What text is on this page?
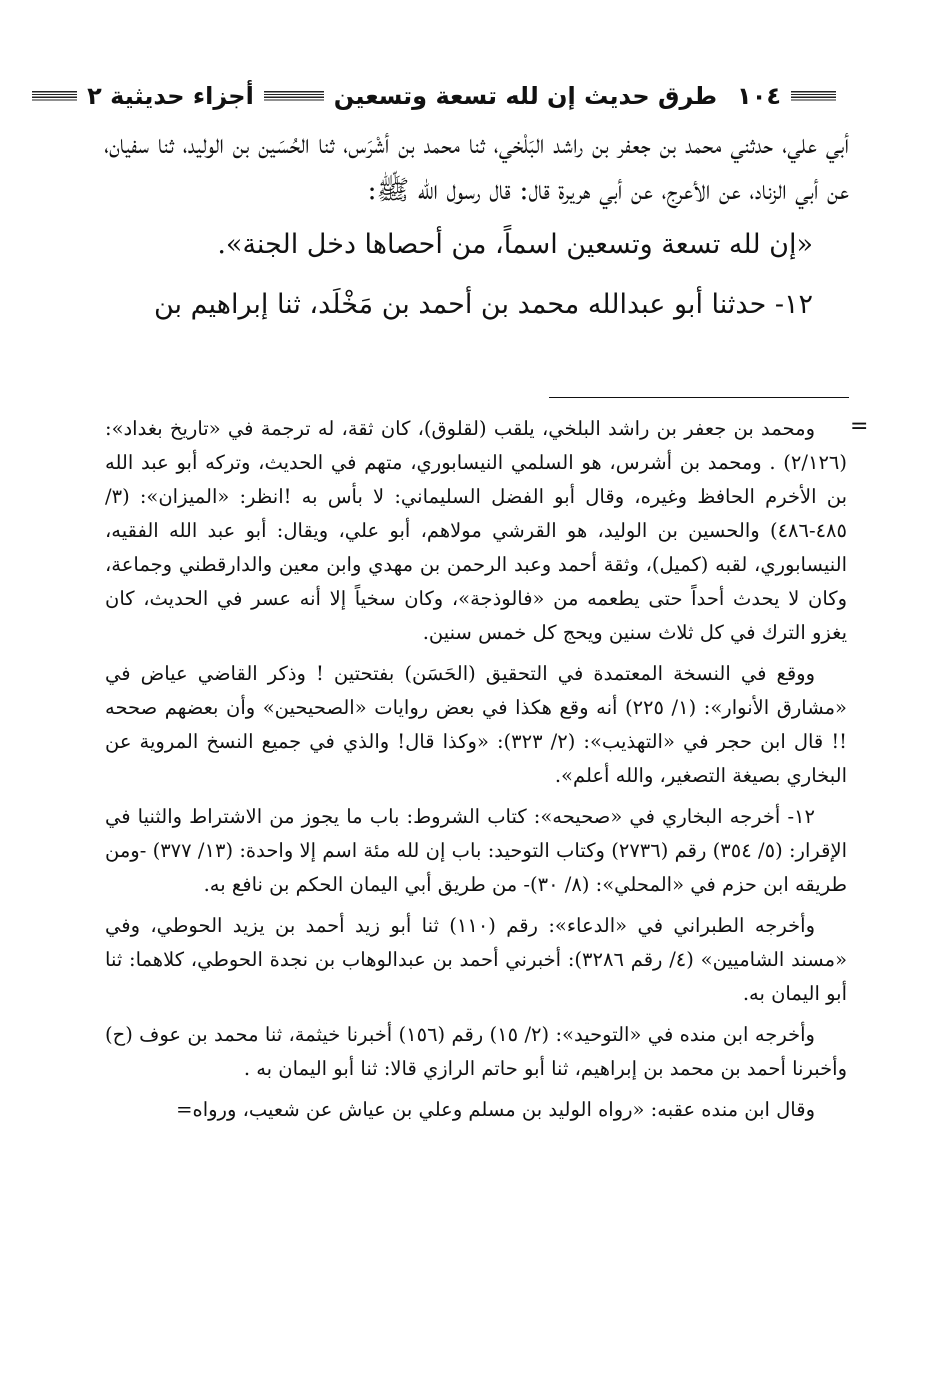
١٠٤
طرق حديث إن لله تسعة وتسعين
أجزاء حديثية ٢

أبي علي، حدثني محمد بن جعفر بن راشد البَلْخي، ثنا محمد بن أشْرَس، ثنا الحُسَين بن الوليد، ثنا سفيان، عن أبي الزناد، عن الأعرج، عن أبي هريرة قال: قال رسول الله ﷺ:

«إن لله تسعة وتسعين اسماً، من أحصاها دخل الجنة».

١٢- حدثنا أبو عبدالله محمد بن أحمد بن مَخْلَد، ثنا إبراهيم بن

=

ومحمد بن جعفر بن راشد البلخي، يلقب (لقلوق)، كان ثقة، له ترجمة في «تاريخ بغداد»: (٢/١٢٦) . ومحمد بن أشرس، هو السلمي النيسابوري، متهم في الحديث، وتركه أبو عبد الله بن الأخرم الحافظ وغيره، وقال أبو الفضل السليماني: لا بأس به !انظر: «الميزان»: (٣/ ٤٨٥-٤٨٦) والحسين بن الوليد، هو القرشي مولاهم، أبو علي، ويقال: أبو عبد الله الفقيه، النيسابوري، لقبه (كميل)، وثقة أحمد وعبد الرحمن بن مهدي وابن معين والدارقطني وجماعة، وكان لا يحدث أحداً حتى يطعمه من «فالوذجة»، وكان سخياً إلا أنه عسر في الحديث، كان يغزو الترك في كل ثلاث سنين ويحج كل خمس سنين.

ووقع في النسخة المعتمدة في التحقيق (الحَسَن) بفتحتين ! وذكر القاضي عياض في «مشارق الأنوار»: (١/ ٢٢٥) أنه وقع هكذا في بعض روايات «الصحيحين» وأن بعضهم صححه !! قال ابن حجر في «التهذيب»: (٢/ ٣٢٣): «وكذا قال! والذي في جميع النسخ المروية عن البخاري بصيغة التصغير، والله أعلم».

١٢- أخرجه البخاري في «صحيحه»: كتاب الشروط: باب ما يجوز من الاشتراط والثنيا في الإقرار: (٥/ ٣٥٤) رقم (٢٧٣٦) وكتاب التوحيد: باب إن لله مئة اسم إلا واحدة: (١٣/ ٣٧٧) -ومن طريقه ابن حزم في «المحلي»: (٨/ ٣٠)- من طريق أبي اليمان الحكم بن نافع به.

وأخرجه الطبراني في «الدعاء»: رقم (١١٠) ثنا أبو زيد أحمد بن يزيد الحوطي، وفي «مسند الشاميين» (٤/ رقم ٣٢٨٦): أخبرني أحمد بن عبدالوهاب بن نجدة الحوطي، كلاهما: ثنا أبو اليمان به.

وأخرجه ابن منده في «التوحيد»: (٢/ ١٥) رقم (١٥٦) أخبرنا خيثمة، ثنا محمد بن عوف (ح) وأخبرنا أحمد بن محمد بن إبراهيم، ثنا أبو حاتم الرازي قالا: ثنا أبو اليمان به .

وقال ابن منده عقبه: «رواه الوليد بن مسلم وعلي بن عياش عن شعيب، ورواه=
